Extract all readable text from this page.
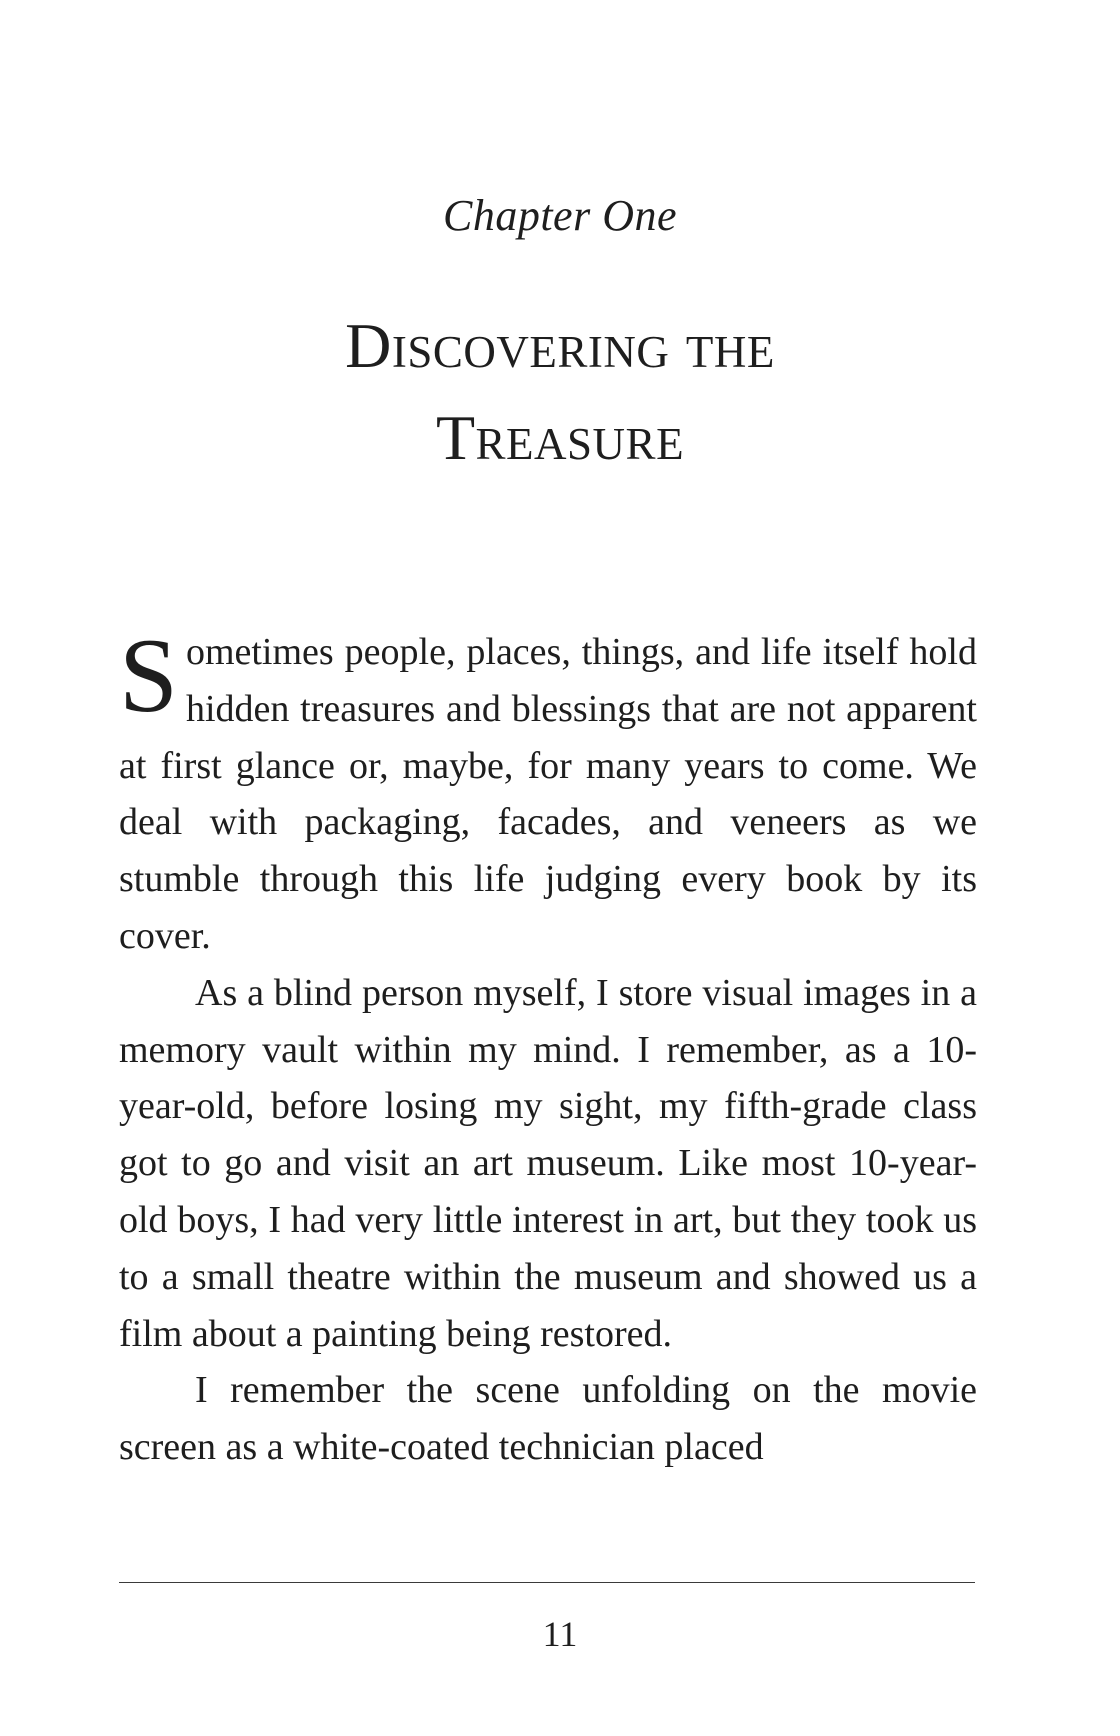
Chapter One
Discovering the
Treasure

Sometimes people, places, things, and life itself hold hidden treasures and blessings that are not apparent at first glance or, maybe, for many years to come. We deal with packaging, facades, and veneers as we stumble through this life judging every book by its cover.

As a blind person myself, I store visual images in a memory vault within my mind. I remember, as a 10-year-old, before losing my sight, my fifth-grade class got to go and visit an art museum. Like most 10-year-old boys, I had very little interest in art, but they took us to a small theatre within the museum and showed us a film about a painting being restored.

I remember the scene unfolding on the movie screen as a white-coated technician placed

11
